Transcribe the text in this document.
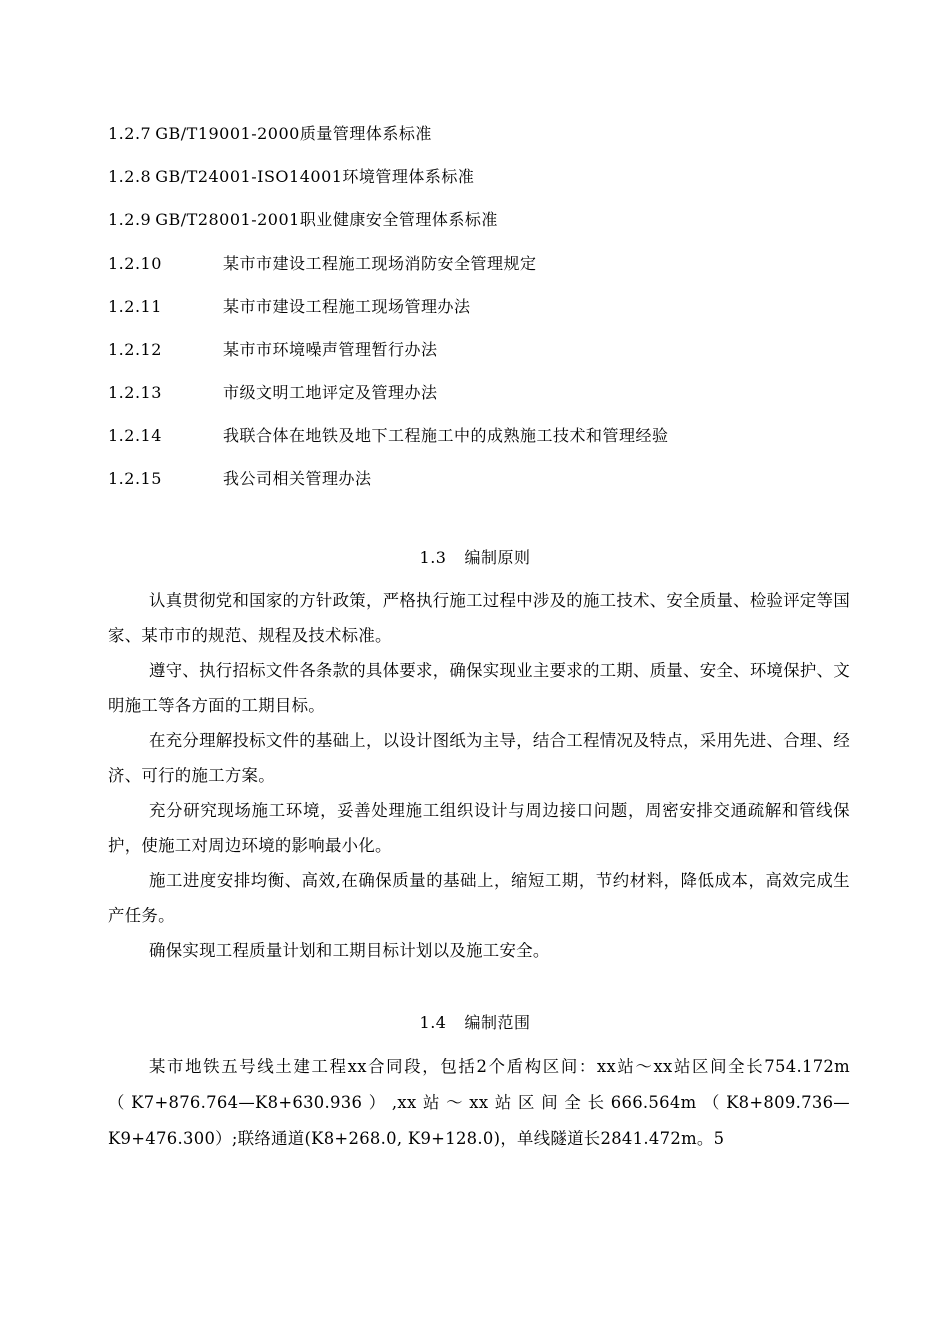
1.2.7 GB/T19001-2000质量管理体系标准
1.2.8 GB/T24001-ISO14001环境管理体系标准
1.2.9 GB/T28001-2001职业健康安全管理体系标准
1.2.10	某市市建设工程施工现场消防安全管理规定
1.2.11	某市市建设工程施工现场管理办法
1.2.12	某市市环境噪声管理暂行办法
1.2.13	市级文明工地评定及管理办法
1.2.14	我联合体在地铁及地下工程施工中的成熟施工技术和管理经验
1.2.15	我公司相关管理办法
1.3 编制原则
认真贯彻党和国家的方针政策，严格执行施工过程中涉及的施工技术、安全质量、检验评定等国家、某市市的规范、规程及技术标准。
遵守、执行招标文件各条款的具体要求，确保实现业主要求的工期、质量、安全、环境保护、文明施工等各方面的工期目标。
在充分理解投标文件的基础上，以设计图纸为主导，结合工程情况及特点，采用先进、合理、经济、可行的施工方案。
充分研究现场施工环境，妥善处理施工组织设计与周边接口问题，周密安排交通疏解和管线保护，使施工对周边环境的影响最小化。
施工进度安排均衡、高效,在确保质量的基础上，缩短工期，节约材料，降低成本，高效完成生产任务。
确保实现工程质量计划和工期目标计划以及施工安全。
1.4 编制范围
某市地铁五号线土建工程xx合同段，包括2个盾构区间：xx站～xx站区间全长754.172m（K7+876.764—K8+630.936）,xx站～xx站区间全长666.564m（K8+809.736—K9+476.300）;联络通道(K8+268.0, K9+128.0)，单线隧道长2841.472m。5
